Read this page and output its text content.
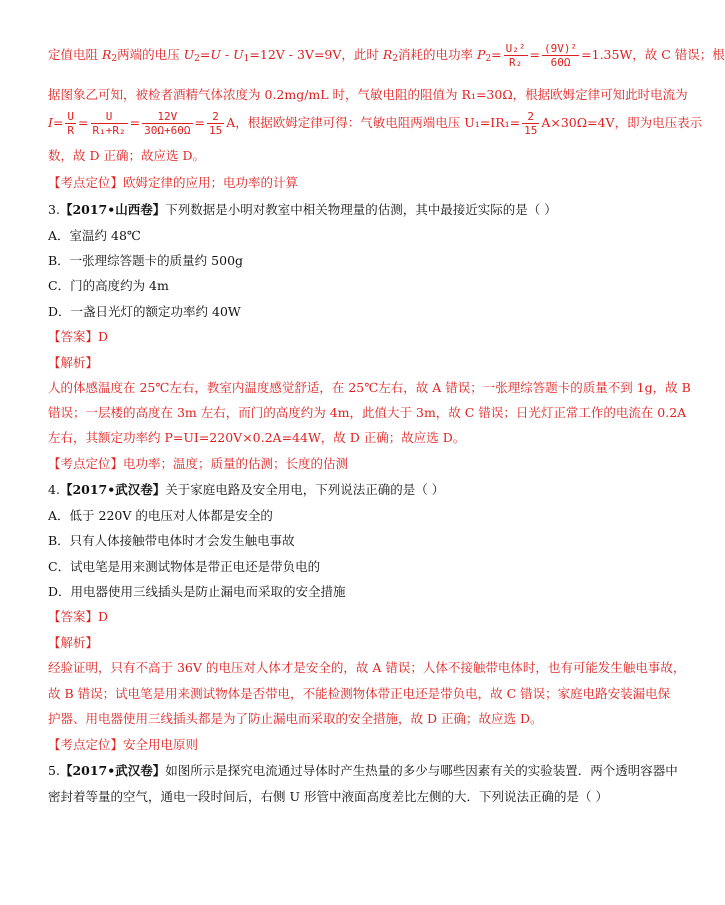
定值电阻 $R_2$两端的电压 $U_2=U - U_1=12V - 3V=9V$，此时 $R_2$消耗的电功率 $P_2= \frac{\text{U₂²}}{\text{R₂}} = \frac{\text{(9V)²}}{60\Omega} =1.35W$，故 C 错误；根
据图象乙可知，被检者酒精气体浓度为 0.2mg/mL 时，气敏电阻的阻值为 R₁=30Ω，根据欧姆定律可知此时电流为
$I= \frac{U}{R} = \frac{U}{\text{R₁+R₂}} = \frac{12V}{30\Omega+60\Omega} = \frac{2}{15}$ A，根据欧姆定律可得：气敏电阻两端电压 $U_1=IR_1= \frac{2}{15} A\times 30\Omega=4V$，即为电压表示
数，故 D 正确；故应选 D。
【考点定位】欧姆定律的应用；电功率的计算
3.【2017•山西卷】下列数据是小明对教室中相关物理量的估测，其中最接近实际的是（ ）
A．室温约 48℃
B．一张理综答题卡的质量约 500g
C．门的高度约为 4m
D．一盏日光灯的额定功率约 40W
【答案】D
【解析】
人的体感温度在 25℃左右，教室内温度感觉舒适，在 25℃左右，故 A 错误；一张理综答题卡的质量不到 1g，故 B
错误；一层楼的高度在 3m 左右，而门的高度约为 4m，此值大于 3m，故 C 错误；日光灯正常工作的电流在 0.2A
左右，其额定功率约 P=UI=220V×0.2A=44W，故 D 正确；故应选 D。
【考点定位】电功率；温度；质量的估测；长度的估测
4.【2017•武汉卷】关于家庭电路及安全用电，下列说法正确的是（ ）
A．低于 220V 的电压对人体都是安全的
B．只有人体接触带电体时才会发生触电事故
C．试电笔是用来测试物体是带正电还是带负电的
D．用电器使用三线插头是防止漏电而采取的安全措施
【答案】D
【解析】
经验证明，只有不高于 36V 的电压对人体才是安全的，故 A 错误；人体不接触带电体时，也有可能发生触电事故，
故 B 错误；试电笔是用来测试物体是否带电，不能检测物体带正电还是带负电，故 C 错误；家庭电路安装漏电保
护器、用电器使用三线插头都是为了防止漏电而采取的安全措施，故 D 正确；故应选 D。
【考点定位】安全用电原则
5.【2017•武汉卷】如图所示是探究电流通过导体时产生热量的多少与哪些因素有关的实验装置．两个透明容器中
密封着等量的空气，通电一段时间后，右侧 U 形管中液面高度差比左侧的大．下列说法正确的是（ ）
